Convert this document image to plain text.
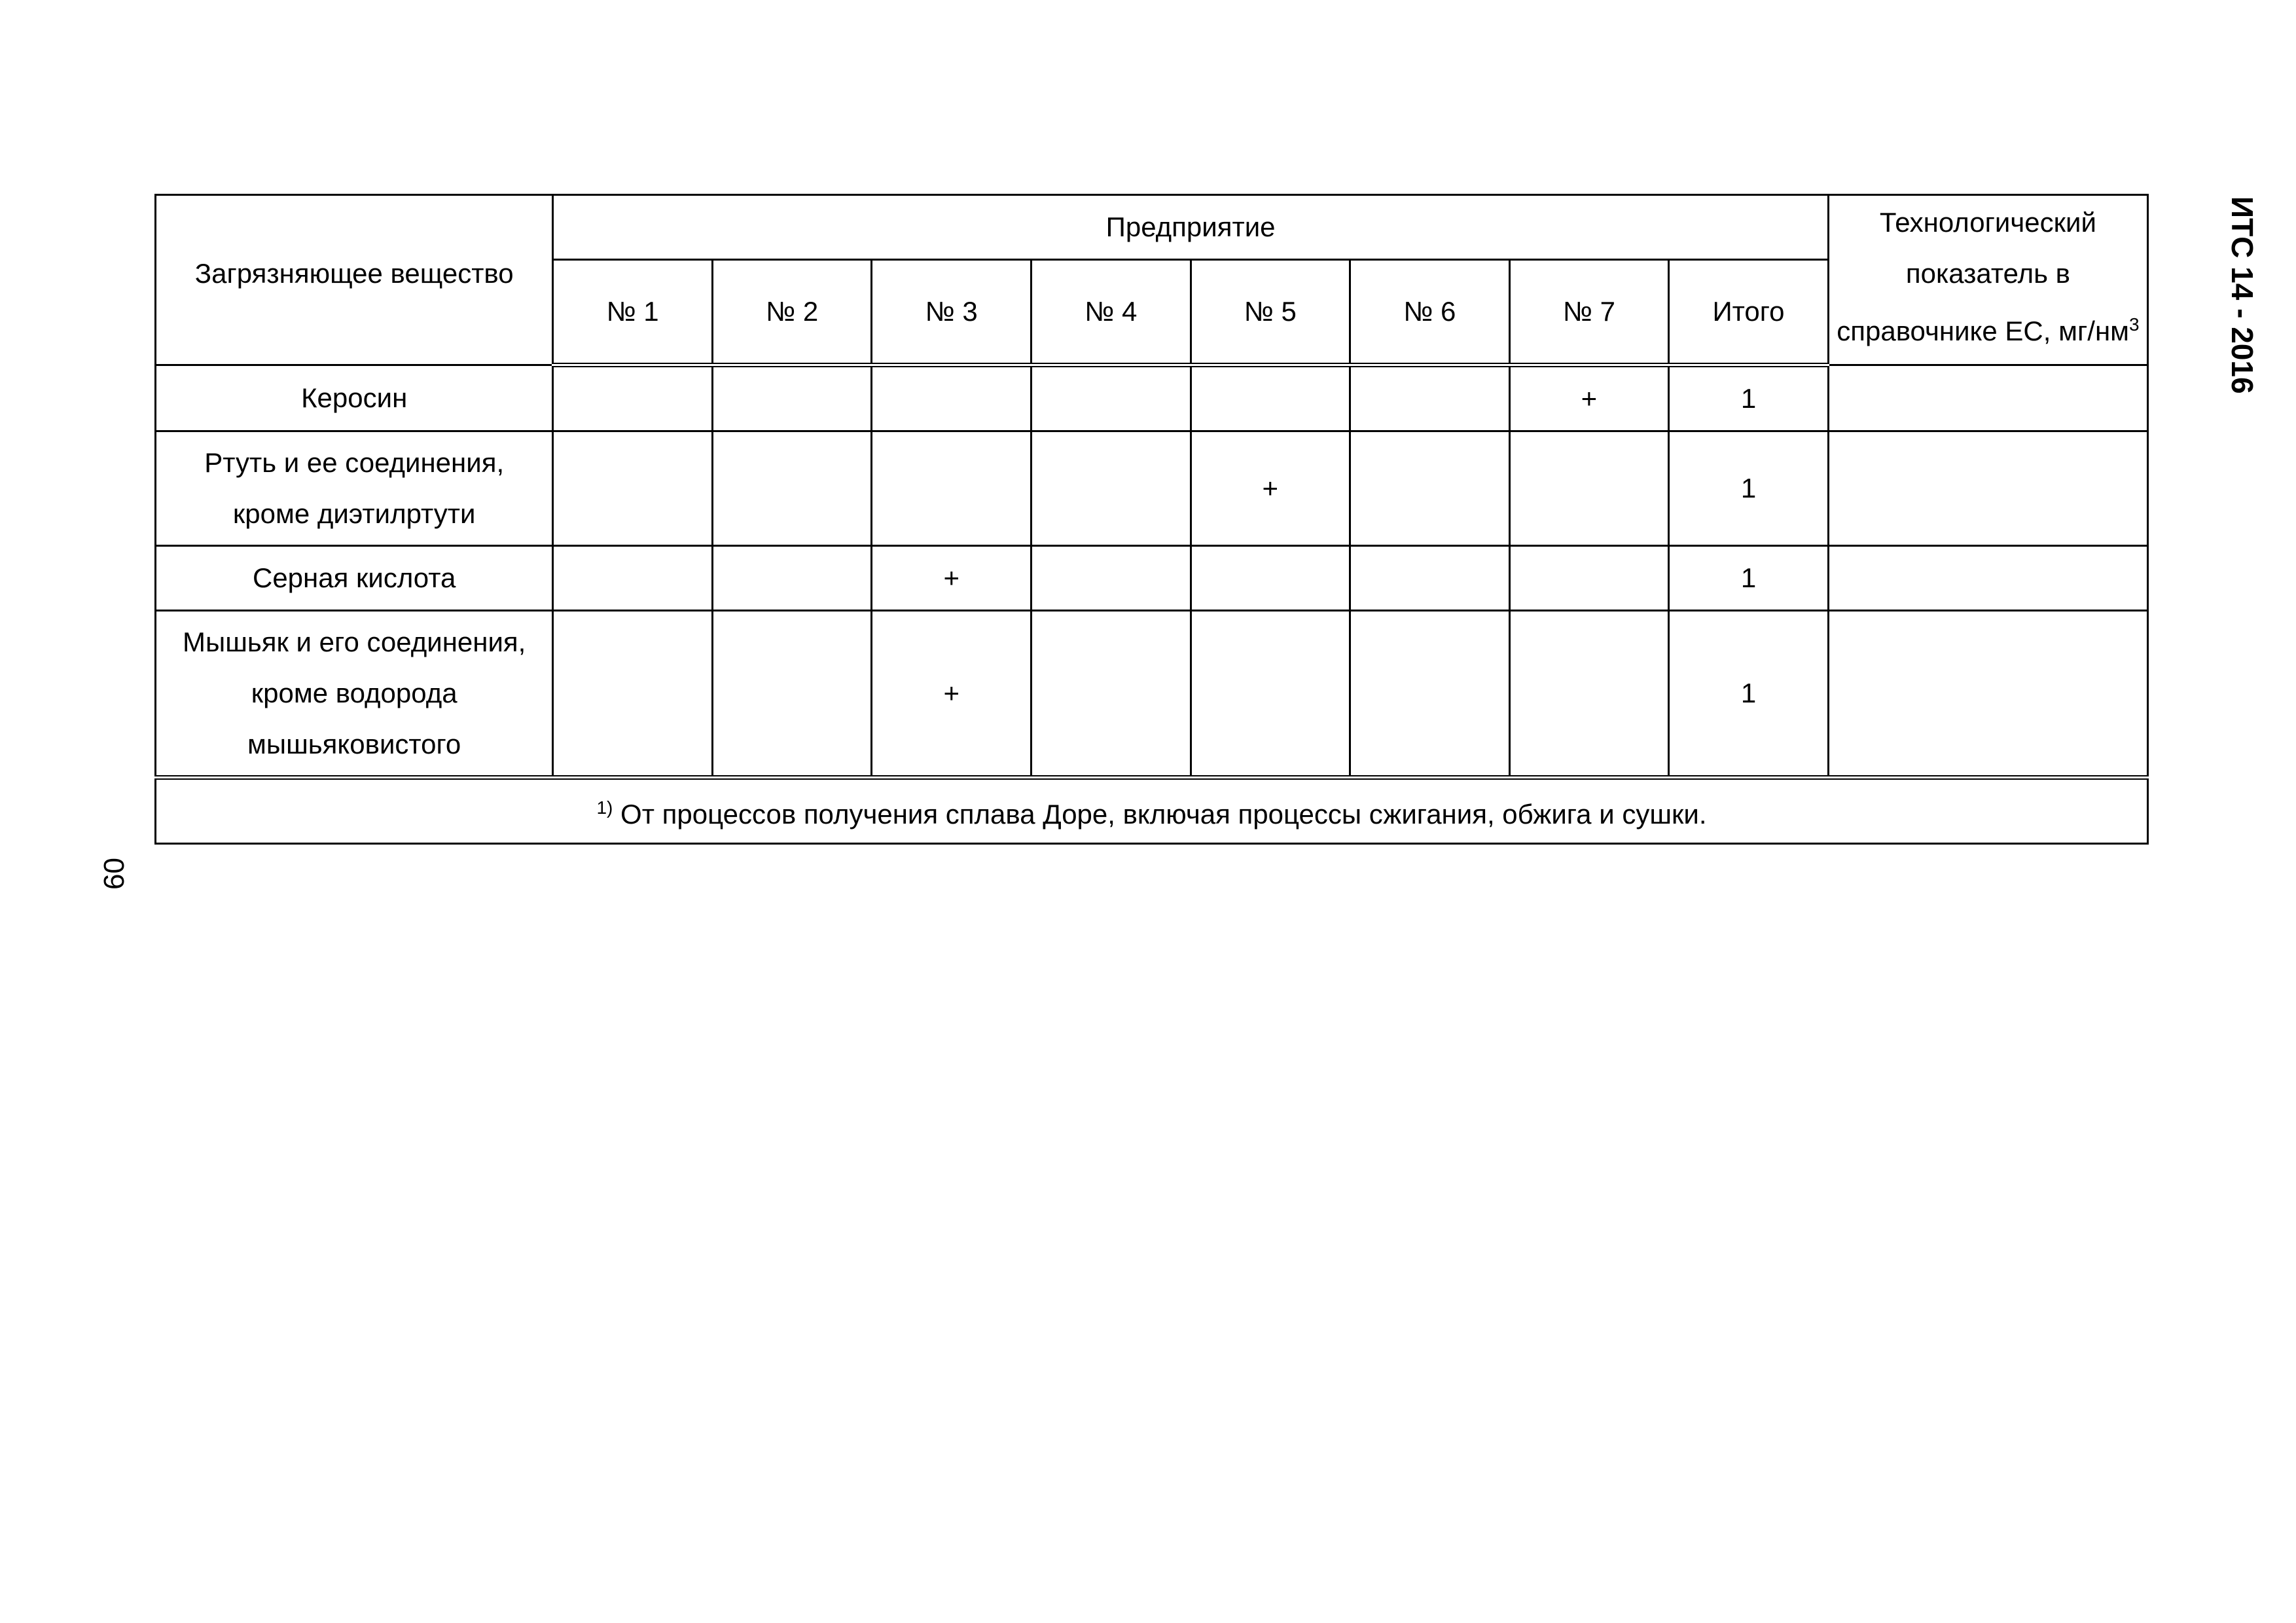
ИТС 14 - 2016
60
Загрязняющее вещество	Предприятие								Технологический показатель в справочнике ЕС, $мг/нм^3$
	№ 1	№ 2	№ 3	№ 4	№ 5	№ 6	№ 7	Итого	
Керосин							+	1	
Ртуть и ее соединения, кроме диэтилртути					+			1	
Серная кислота			+					1	
Мышьяк и его соединения, кроме водорода мышьяковистого			+					1	
$^{1)}$ От процессов получения сплава Доре, включая процессы сжигания, обжига и сушки.									
